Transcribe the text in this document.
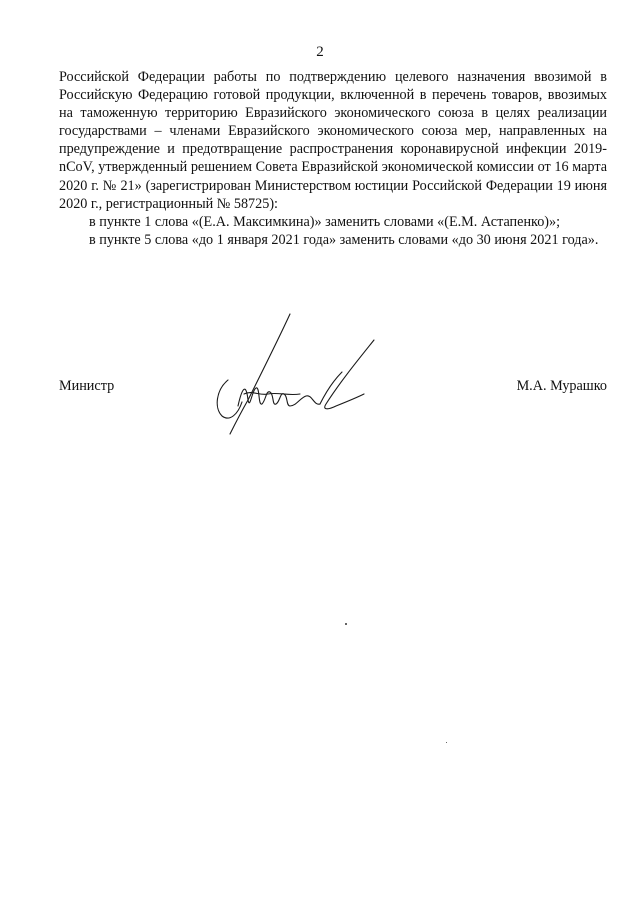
2

Российской Федерации работы по подтверждению целевого назначения ввозимой в Российскую Федерацию готовой продукции, включенной в перечень товаров, ввозимых на таможенную территорию Евразийского экономического союза в целях реализации государствами – членами Евразийского экономического союза мер, направленных на предупреждение и предотвращение распространения коронавирусной инфекции 2019-nCoV, утвержденный решением Совета Евразийской экономической комиссии от 16 марта 2020 г. № 21» (зарегистрирован Министерством юстиции Российской Федерации 19 июня 2020 г., регистрационный № 58725):

в пункте 1 слова «(Е.А. Максимкина)» заменить словами «(Е.М. Астапенко)»;

в пункте 5 слова «до 1 января 2021 года» заменить словами «до 30 июня 2021 года».

Министр	М.А. Мурашко
